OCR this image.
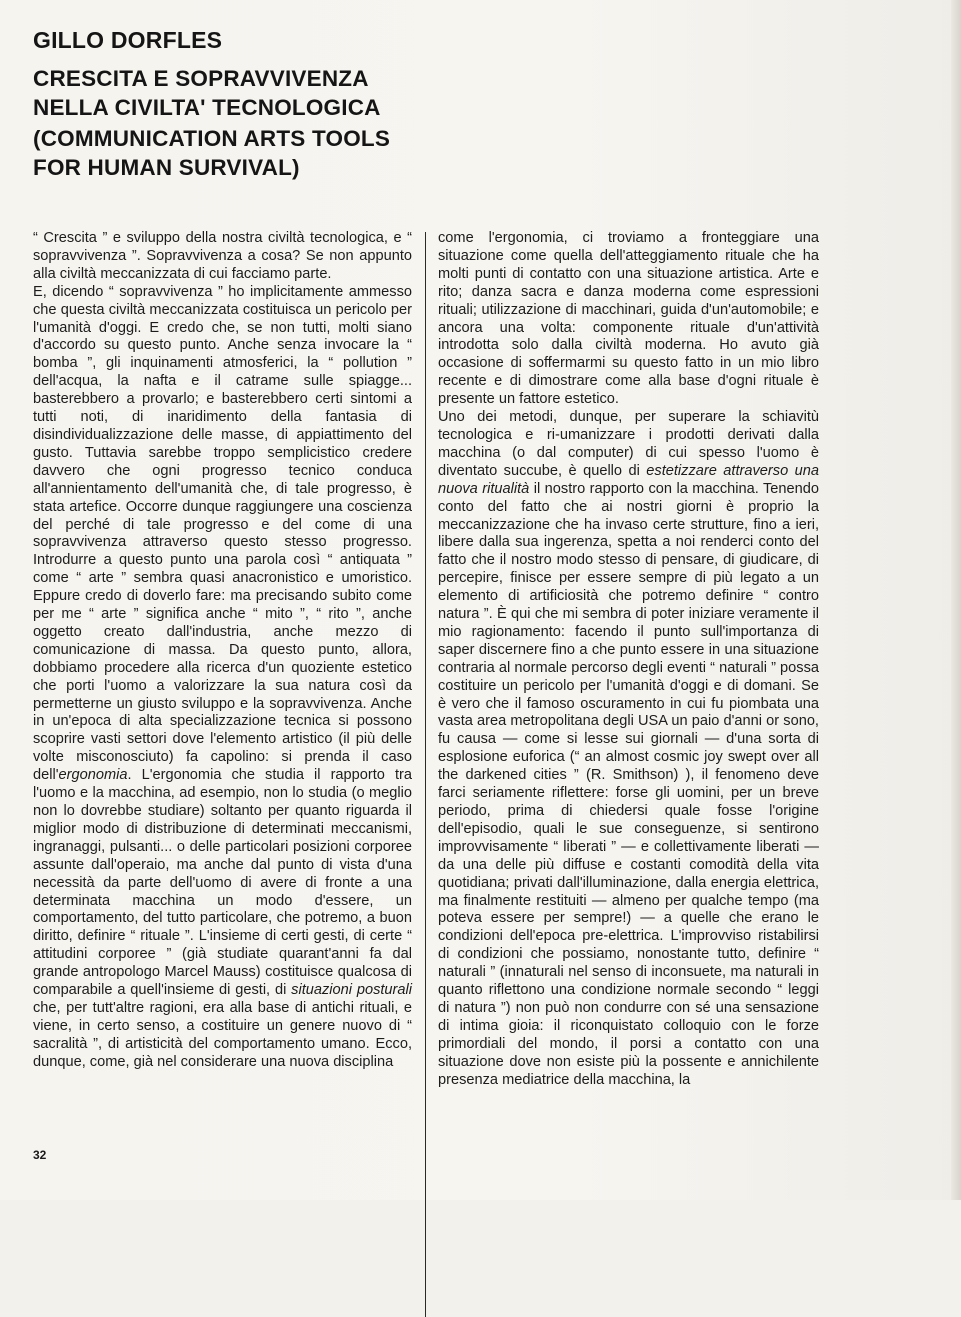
GILLO DORFLES
CRESCITA E SOPRAVVIVENZA
NELLA CIVILTA' TECNOLOGICA
(COMMUNICATION ARTS TOOLS
FOR HUMAN SURVIVAL)

“ Crescita ” e sviluppo della nostra civiltà tecnologica, e “ sopravvivenza ”. Sopravvivenza a cosa? Se non appunto alla civiltà meccanizzata di cui facciamo parte.

E, dicendo “ sopravvivenza ” ho implicitamente ammesso che questa civiltà meccanizzata costituisca un pericolo per l'umanità d'oggi. E credo che, se non tutti, molti siano d'accordo su questo punto. Anche senza invocare la “ bomba ”, gli inquinamenti atmosferici, la “ pollution ” dell'acqua, la nafta e il catrame sulle spiagge... basterebbero a provarlo; e basterebbero certi sintomi a tutti noti, di inaridimento della fantasia di disindividualizzazione delle masse, di appiattimento del gusto. Tuttavia sarebbe troppo semplicistico credere davvero che ogni progresso tecnico conduca all'annientamento dell'umanità che, di tale progresso, è stata artefice. Occorre dunque raggiungere una coscienza del perché di tale progresso e del come di una sopravvivenza attraverso questo stesso progresso. Introdurre a questo punto una parola così “ antiquata ” come “ arte ” sembra quasi anacronistico e umoristico. Eppure credo di doverlo fare: ma precisando subito come per me “ arte ” significa anche “ mito ”, “ rito ”, anche oggetto creato dall'industria, anche mezzo di comunicazione di massa. Da questo punto, allora, dobbiamo procedere alla ricerca d'un quoziente estetico che porti l'uomo a valorizzare la sua natura così da permetterne un giusto sviluppo e la sopravvivenza. Anche in un'epoca di alta specializzazione tecnica si possono scoprire vasti settori dove l'elemento artistico (il più delle volte misconosciuto) fa capolino: si prenda il caso dell'ergonomia. L'ergonomia che studia il rapporto tra l'uomo e la macchina, ad esempio, non lo studia (o meglio non lo dovrebbe studiare) soltanto per quanto riguarda il miglior modo di distribuzione di determinati meccanismi, ingranaggi, pulsanti... o delle particolari posizioni corporee assunte dall'operaio, ma anche dal punto di vista d'una necessità da parte dell'uomo di avere di fronte a una determinata macchina un modo d'essere, un comportamento, del tutto particolare, che potremo, a buon diritto, definire “ rituale ”. L'insieme di certi gesti, di certe “ attitudini corporee ” (già studiate quarant'anni fa dal grande antropologo Marcel Mauss) costituisce qualcosa di comparabile a quell'insieme di gesti, di situazioni posturali che, per tutt'altre ragioni, era alla base di antichi rituali, e viene, in certo senso, a costituire un genere nuovo di “ sacralità ”, di artisticità del comportamento umano. Ecco, dunque, come, già nel considerare una nuova disciplina

come l'ergonomia, ci troviamo a fronteggiare una situazione come quella dell'atteggiamento rituale che ha molti punti di contatto con una situazione artistica. Arte e rito; danza sacra e danza moderna come espressioni rituali; utilizzazione di macchinari, guida d'un'automobile; e ancora una volta: componente rituale d'un'attività introdotta solo dalla civiltà moderna. Ho avuto già occasione di soffermarmi su questo fatto in un mio libro recente e di dimostrare come alla base d'ogni rituale è presente un fattore estetico.

Uno dei metodi, dunque, per superare la schiavitù tecnologica e ri-umanizzare i prodotti derivati dalla macchina (o dal computer) di cui spesso l'uomo è diventato succube, è quello di estetizzare attraverso una nuova ritualità il nostro rapporto con la macchina. Tenendo conto del fatto che ai nostri giorni è proprio la meccanizzazione che ha invaso certe strutture, fino a ieri, libere dalla sua ingerenza, spetta a noi renderci conto del fatto che il nostro modo stesso di pensare, di giudicare, di percepire, finisce per essere sempre di più legato a un elemento di artificiosità che potremo definire “ contro natura ”. È qui che mi sembra di poter iniziare veramente il mio ragionamento: facendo il punto sull'importanza di saper discernere fino a che punto essere in una situazione contraria al normale percorso degli eventi “ naturali ” possa costituire un pericolo per l'umanità d'oggi e di domani. Se è vero che il famoso oscuramento in cui fu piombata una vasta area metropolitana degli USA un paio d'anni or sono, fu causa — come si lesse sui giornali — d'una sorta di esplosione euforica (“ an almost cosmic joy swept over all the darkened cities ” (R. Smithson) ), il fenomeno deve farci seriamente riflettere: forse gli uomini, per un breve periodo, prima di chiedersi quale fosse l'origine dell'episodio, quali le sue conseguenze, si sentirono improvvisamente “ liberati ” — e collettivamente liberati — da una delle più diffuse e costanti comodità della vita quotidiana; privati dall'illuminazione, dalla energia elettrica, ma finalmente restituiti — almeno per qualche tempo (ma poteva essere per sempre!) — a quelle che erano le condizioni dell'epoca pre-elettrica. L'improvviso ristabilirsi di condizioni che possiamo, nonostante tutto, definire “ naturali ” (innaturali nel senso di inconsuete, ma naturali in quanto riflettono una condizione normale secondo “ leggi di natura ”) non può non condurre con sé una sensazione di intima gioia: il riconquistato colloquio con le forze primordiali del mondo, il porsi a contatto con una situazione dove non esiste più la possente e annichilente presenza mediatrice della macchina, la

32
